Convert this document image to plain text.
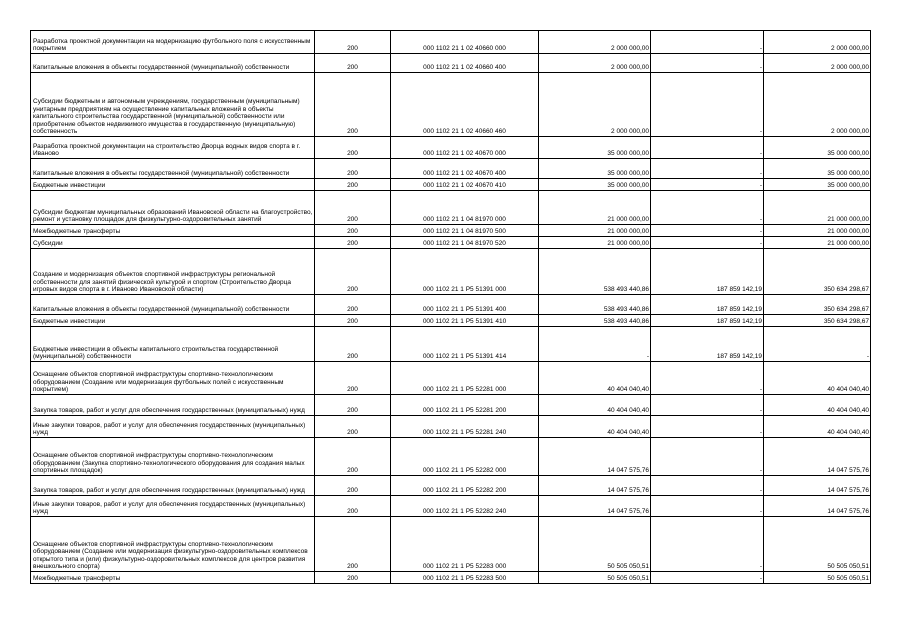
Разработка проектной документации на модернизацию футбольного поля с искусственным покрытием	200	000 1102 21 1 02 40660 000	2 000 000,00	-	2 000 000,00

Капитальные вложения в объекты государственной (муниципальной) собственности	200	000 1102 21 1 02 40660 400	2 000 000,00	-	2 000 000,00

Субсидии бюджетным и автономным учреждениям, государственным (муниципальным) унитарным предприятиям на осуществление капитальных вложений в объекты капитального строительства государственной (муниципальной) собственности или приобретение объектов недвижимого имущества в государственную (муниципальную) собственность	200	000 1102 21 1 02 40660 460	2 000 000,00	-	2 000 000,00

Разработка проектной документации на строительство Дворца водных видов спорта в г. Иваново	200	000 1102 21 1 02 40670 000	35 000 000,00	-	35 000 000,00

Капитальные вложения в объекты государственной (муниципальной) собственности	200	000 1102 21 1 02 40670 400	35 000 000,00	-	35 000 000,00

Бюджетные инвестиции	200	000 1102 21 1 02 40670 410	35 000 000,00	-	35 000 000,00

Субсидии бюджетам муниципальных образований Ивановской области на благоустройство, ремонт и установку площадок для физкультурно-оздоровительных занятий	200	000 1102 21 1 04 81970 000	21 000 000,00	-	21 000 000,00

Межбюджетные трансферты	200	000 1102 21 1 04 81970 500	21 000 000,00	-	21 000 000,00

Субсидии	200	000 1102 21 1 04 81970 520	21 000 000,00	-	21 000 000,00

Создание и модернизация объектов спортивной инфраструктуры региональной собственности для занятий физической культурой и спортом (Строительство Дворца игровых видов спорта в г. Иваново Ивановской области)	200	000 1102 21 1 P5 51391 000	538 493 440,86	187 859 142,19	350 634 298,67

Капитальные вложения в объекты государственной (муниципальной) собственности	200	000 1102 21 1 P5 51391 400	538 493 440,86	187 859 142,19	350 634 298,67

Бюджетные инвестиции	200	000 1102 21 1 P5 51391 410	538 493 440,86	187 859 142,19	350 634 298,67

Бюджетные инвестиции в объекты капитального строительства государственной (муниципальной) собственности	200	000 1102 21 1 P5 51391 414	-	187 859 142,19	-

Оснащение объектов спортивной инфраструктуры спортивно-технологическим оборудованием (Создание или модернизация футбольных полей с искусственным покрытием)	200	000 1102 21 1 P5 52281 000	40 404 040,40	-	40 404 040,40

Закупка товаров, работ и услуг для обеспечения государственных (муниципальных) нужд	200	000 1102 21 1 P5 52281 200	40 404 040,40	-	40 404 040,40

Иные закупки товаров, работ и услуг для обеспечения государственных (муниципальных) нужд	200	000 1102 21 1 P5 52281 240	40 404 040,40	-	40 404 040,40

Оснащение объектов спортивной инфраструктуры спортивно-технологическим оборудованием (Закупка спортивно-технологического оборудования для создания малых спортивных площадок)	200	000 1102 21 1 P5 52282 000	14 047 575,76	-	14 047 575,76

Закупка товаров, работ и услуг для обеспечения государственных (муниципальных) нужд	200	000 1102 21 1 P5 52282 200	14 047 575,76	-	14 047 575,76

Иные закупки товаров, работ и услуг для обеспечения государственных (муниципальных) нужд	200	000 1102 21 1 P5 52282 240	14 047 575,76	-	14 047 575,76

Оснащение объектов спортивной инфраструктуры спортивно-технологическим оборудованием (Создание или модернизация физкультурно-оздоровительных комплексов открытого типа и (или) физкультурно-оздоровительных комплексов для центров развития внешкольного спорта)	200	000 1102 21 1 P5 52283 000	50 505 050,51	-	50 505 050,51

Межбюджетные трансферты	200	000 1102 21 1 P5 52283 500	50 505 050,51	-	50 505 050,51
